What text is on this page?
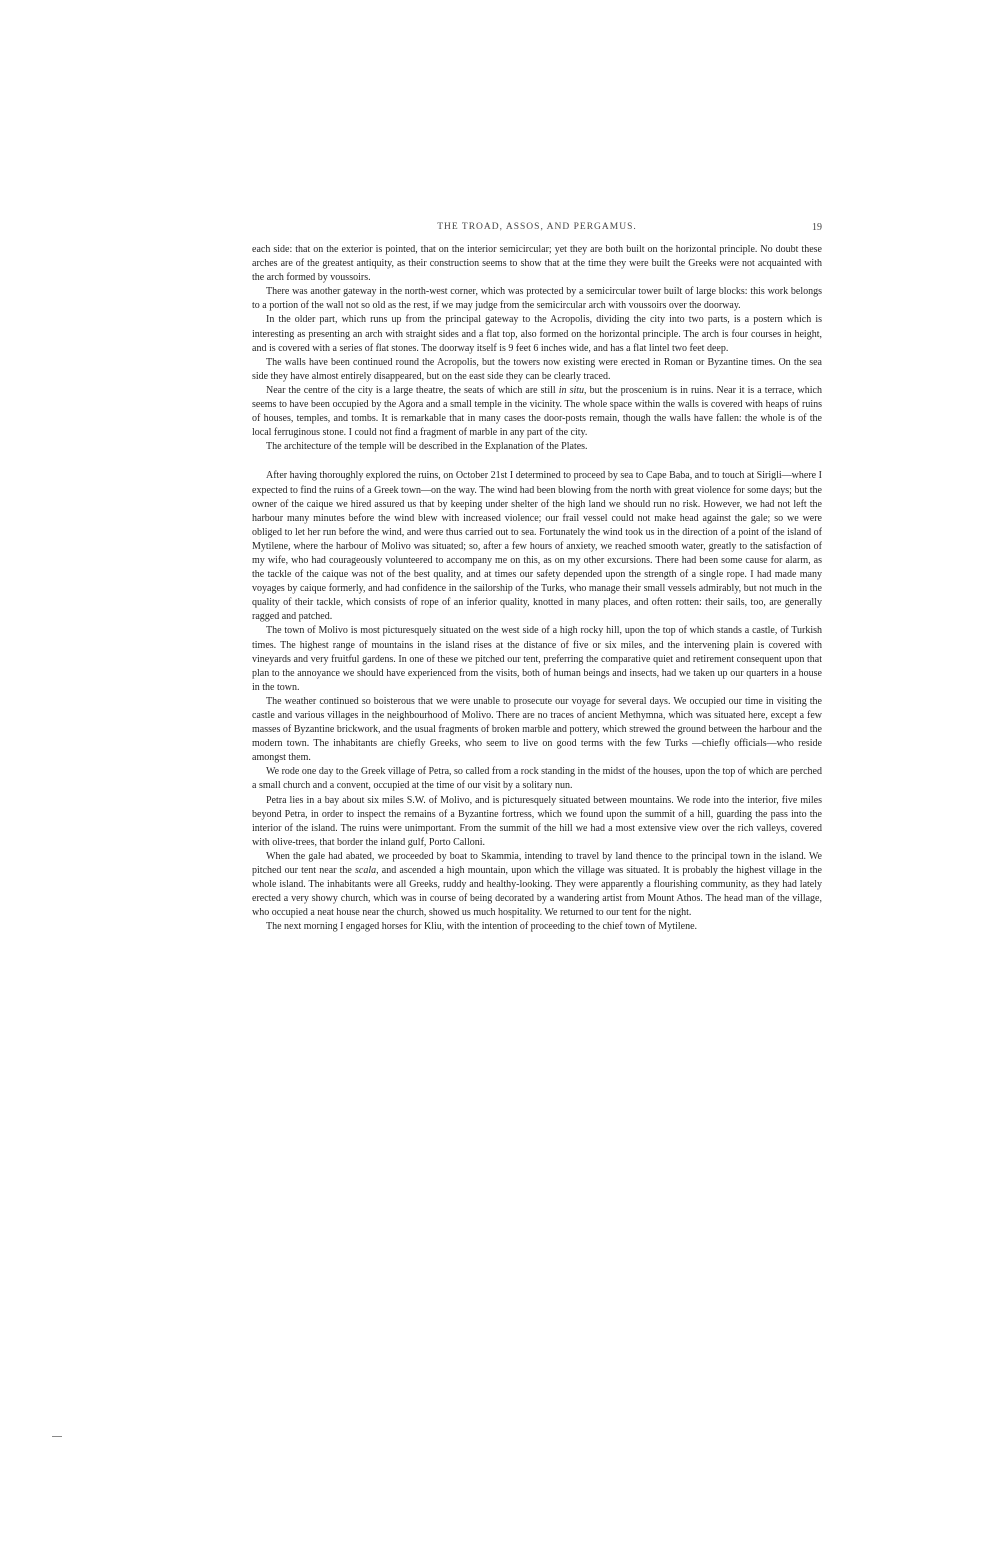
THE TROAD, ASSOS, AND PERGAMUS.	19

each side: that on the exterior is pointed, that on the interior semicircular; yet they are both built on the horizontal principle. No doubt these arches are of the greatest antiquity, as their construction seems to show that at the time they were built the Greeks were not acquainted with the arch formed by voussoirs.

There was another gateway in the north-west corner, which was protected by a semicircular tower built of large blocks: this work belongs to a portion of the wall not so old as the rest, if we may judge from the semicircular arch with voussoirs over the doorway.

In the older part, which runs up from the principal gateway to the Acropolis, dividing the city into two parts, is a postern which is interesting as presenting an arch with straight sides and a flat top, also formed on the horizontal principle. The arch is four courses in height, and is covered with a series of flat stones. The doorway itself is 9 feet 6 inches wide, and has a flat lintel two feet deep.

The walls have been continued round the Acropolis, but the towers now existing were erected in Roman or Byzantine times. On the sea side they have almost entirely disappeared, but on the east side they can be clearly traced.

Near the centre of the city is a large theatre, the seats of which are still in situ, but the proscenium is in ruins. Near it is a terrace, which seems to have been occupied by the Agora and a small temple in the vicinity. The whole space within the walls is covered with heaps of ruins of houses, temples, and tombs. It is remarkable that in many cases the door-posts remain, though the walls have fallen: the whole is of the local ferruginous stone. I could not find a fragment of marble in any part of the city.

The architecture of the temple will be described in the Explanation of the Plates.

After having thoroughly explored the ruins, on October 21st I determined to proceed by sea to Cape Baba, and to touch at Sirigli—where I expected to find the ruins of a Greek town—on the way. The wind had been blowing from the north with great violence for some days; but the owner of the caique we hired assured us that by keeping under shelter of the high land we should run no risk. However, we had not left the harbour many minutes before the wind blew with increased violence; our frail vessel could not make head against the gale; so we were obliged to let her run before the wind, and were thus carried out to sea. Fortunately the wind took us in the direction of a point of the island of Mytilene, where the harbour of Molivo was situated; so, after a few hours of anxiety, we reached smooth water, greatly to the satisfaction of my wife, who had courageously volunteered to accompany me on this, as on my other excursions. There had been some cause for alarm, as the tackle of the caique was not of the best quality, and at times our safety depended upon the strength of a single rope. I had made many voyages by caique formerly, and had confidence in the sailorship of the Turks, who manage their small vessels admirably, but not much in the quality of their tackle, which consists of rope of an inferior quality, knotted in many places, and often rotten: their sails, too, are generally ragged and patched.

The town of Molivo is most picturesquely situated on the west side of a high rocky hill, upon the top of which stands a castle, of Turkish times. The highest range of mountains in the island rises at the distance of five or six miles, and the intervening plain is covered with vineyards and very fruitful gardens. In one of these we pitched our tent, preferring the comparative quiet and retirement consequent upon that plan to the annoyance we should have experienced from the visits, both of human beings and insects, had we taken up our quarters in a house in the town.

The weather continued so boisterous that we were unable to prosecute our voyage for several days. We occupied our time in visiting the castle and various villages in the neighbourhood of Molivo. There are no traces of ancient Methymna, which was situated here, except a few masses of Byzantine brickwork, and the usual fragments of broken marble and pottery, which strewed the ground between the harbour and the modern town. The inhabitants are chiefly Greeks, who seem to live on good terms with the few Turks —chiefly officials—who reside amongst them.

We rode one day to the Greek village of Petra, so called from a rock standing in the midst of the houses, upon the top of which are perched a small church and a convent, occupied at the time of our visit by a solitary nun.

Petra lies in a bay about six miles S.W. of Molivo, and is picturesquely situated between mountains. We rode into the interior, five miles beyond Petra, in order to inspect the remains of a Byzantine fortress, which we found upon the summit of a hill, guarding the pass into the interior of the island. The ruins were unimportant. From the summit of the hill we had a most extensive view over the rich valleys, covered with olive-trees, that border the inland gulf, Porto Calloni.

When the gale had abated, we proceeded by boat to Skammia, intending to travel by land thence to the principal town in the island. We pitched our tent near the scala, and ascended a high mountain, upon which the village was situated. It is probably the highest village in the whole island. The inhabitants were all Greeks, ruddy and healthy-looking. They were apparently a flourishing community, as they had lately erected a very showy church, which was in course of being decorated by a wandering artist from Mount Athos. The head man of the village, who occupied a neat house near the church, showed us much hospitality. We returned to our tent for the night.

The next morning I engaged horses for Kliu, with the intention of proceeding to the chief town of Mytilene.
